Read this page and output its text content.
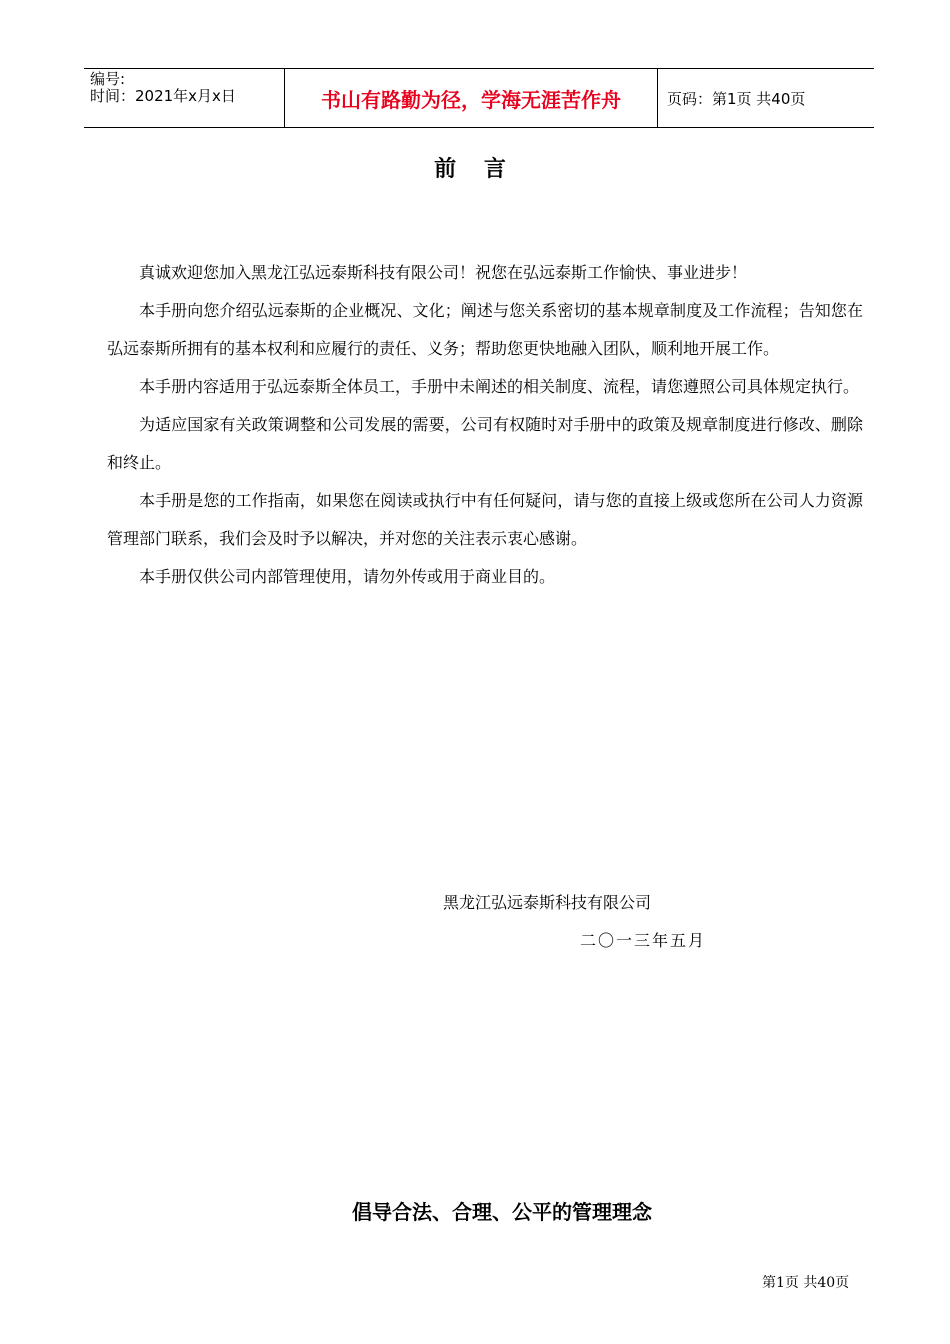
编号:
时间：2021年x月x日	书山有路勤为径，学海无涯苦作舟	页码：第1页 共40页
前 言

真诚欢迎您加入黑龙江弘远泰斯科技有限公司！祝您在弘远泰斯工作愉快、事业进步！

本手册向您介绍弘远泰斯的企业概况、文化；阐述与您关系密切的基本规章制度及工作流程；告知您在弘远泰斯所拥有的基本权利和应履行的责任、义务；帮助您更快地融入团队，顺利地开展工作。

本手册内容适用于弘远泰斯全体员工，手册中未阐述的相关制度、流程，请您遵照公司具体规定执行。

为适应国家有关政策调整和公司发展的需要，公司有权随时对手册中的政策及规章制度进行修改、删除和终止。

本手册是您的工作指南，如果您在阅读或执行中有任何疑问，请与您的直接上级或您所在公司人力资源管理部门联系，我们会及时予以解决，并对您的关注表示衷心感谢。

本手册仅供公司内部管理使用，请勿外传或用于商业目的。

黑龙江弘远泰斯科技有限公司
二〇一三年五月
倡导合法、合理、公平的管理理念
第1页 共40页
